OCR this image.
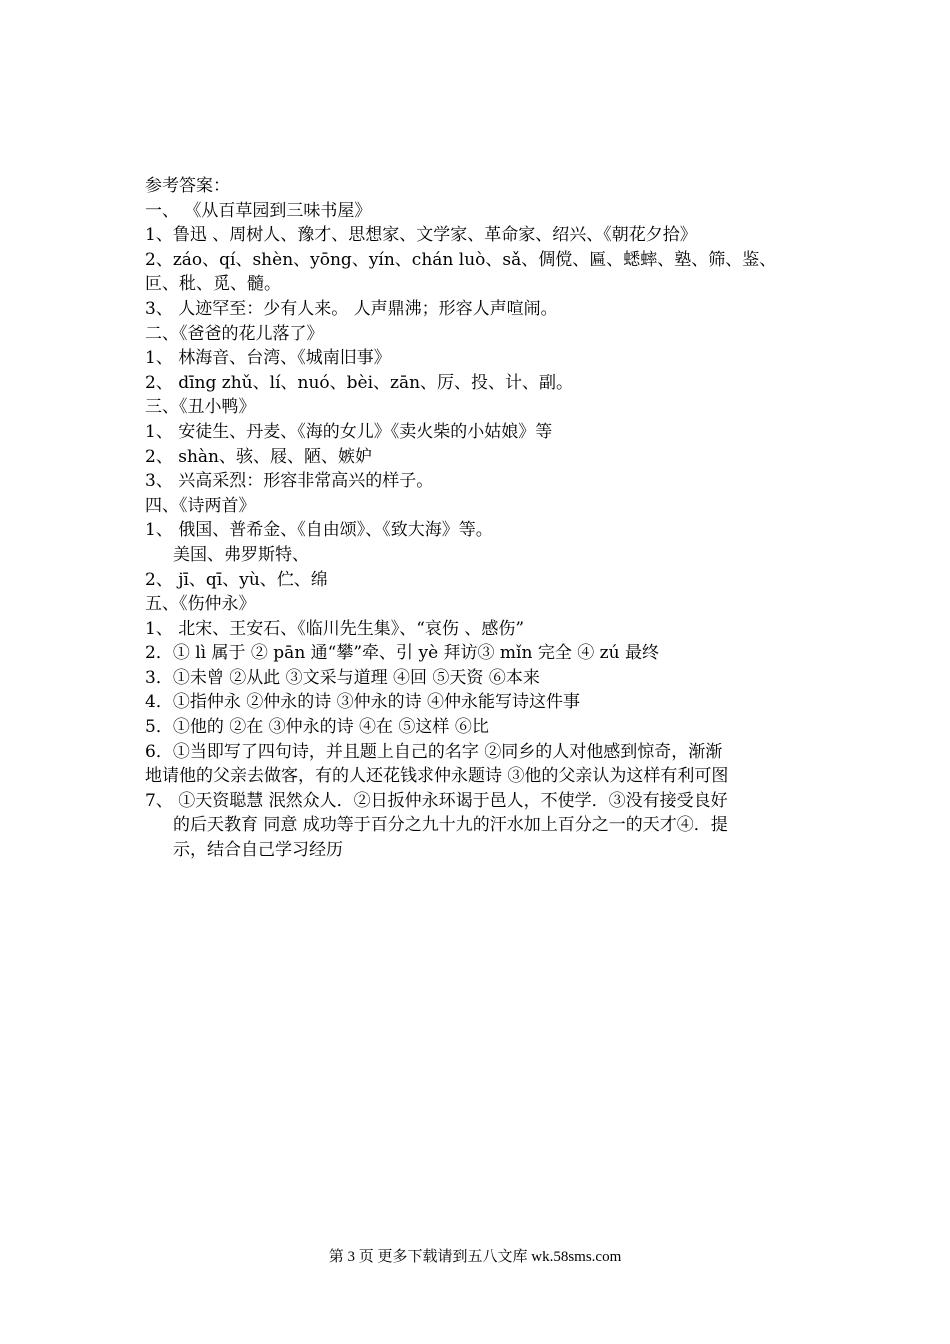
参考答案：
一、 《从百草园到三味书屋》
1、鲁迅 、周树人、豫才、思想家、文学家、革命家、绍兴、《朝花夕拾》
2、záo、qí、shèn、yōng、yín、chán luò、sǎ、倜傥、匾、蟋蟀、塾、筛、鉴、
叵、秕、觅、髓。
3、 人迹罕至：少有人来。 人声鼎沸；形容人声喧闹。
二、《爸爸的花儿落了》
1、 林海音、台湾、《城南旧事》
2、 dīng zhǔ、lí、nuó、bèi、zān、厉、投、计、副。
三、《丑小鸭》
1、 安徒生、丹麦、《海的女儿》《卖火柴的小姑娘》等
2、 shàn、骇、屐、陋、嫉妒
3、 兴高采烈：形容非常高兴的样子。
四、《诗两首》
1、 俄国、普希金、《自由颂》、《致大海》等。
美国、弗罗斯特、
2、 jī、qī、yù、伫、绵
五、《伤仲永》
1、 北宋、王安石、《临川先生集》、“哀伤 、感伤”
2．① lì 属于 ② pān 通“攀”牵、引 yè 拜访③ mǐn 完全 ④ zú 最终
3．①未曾 ②从此 ③文采与道理 ④回 ⑤天资 ⑥本来
4．①指仲永 ②仲永的诗 ③仲永的诗 ④仲永能写诗这件事
5．①他的 ②在 ③仲永的诗 ④在 ⑤这样 ⑥比
6．①当即写了四句诗，并且题上自己的名字 ②同乡的人对他感到惊奇，渐渐
地请他的父亲去做客，有的人还花钱求仲永题诗 ③他的父亲认为这样有利可图
7、 ①天资聪慧 泯然众人．②日扳仲永环谒于邑人，不使学．③没有接受良好
的后天教育 同意 成功等于百分之九十九的汗水加上百分之一的天才④．提
示，结合自己学习经历
第 3 页 更多下载请到五八文库 wk.58sms.com
